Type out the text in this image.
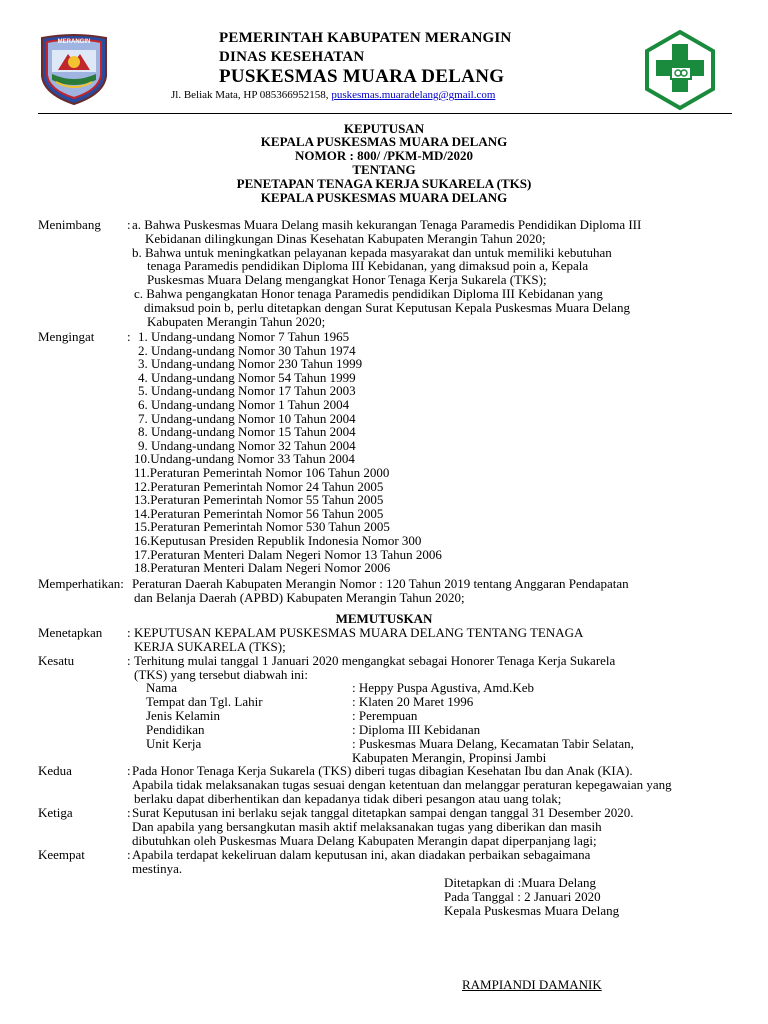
MERANGIN	PEMERINTAH KABUPATEN MERANGIN
DINAS KESEHATAN
PUSKESMAS MUARA DELANG
Jl. Beliak Mata, HP 085366952158, puskesmas.muaradelang@gmail.com
KEPUTUSAN
KEPALA PUSKESMAS MUARA DELANG
NOMOR : 800/ /PKM-MD/2020
TENTANG
PENETAPAN TENAGA KERJA SUKARELA (TKS)
KEPALA PUSKESMAS MUARA DELANG
Menimbang : a. Bahwa Puskesmas Muara Delang masih kekurangan Tenaga Paramedis Pendidikan Diploma III
Kebidanan dilingkungan Dinas Kesehatan Kabupaten Merangin Tahun 2020;
b. Bahwa untuk meningkatkan pelayanan kepada masyarakat dan untuk memiliki kebutuhan
tenaga Paramedis pendidikan Diploma III Kebidanan, yang dimaksud poin a, Kepala
Puskesmas Muara Delang mengangkat Honor Tenaga Kerja Sukarela (TKS);
c. Bahwa pengangkatan Honor tenaga Paramedis pendidikan Diploma III Kebidanan yang
dimaksud poin b, perlu ditetapkan dengan Surat Keputusan Kepala Puskesmas Muara Delang
Kabupaten Merangin Tahun 2020;
Mengingat	: 1. Undang-undang Nomor 7 Tahun 1965
2. Undang-undang Nomor 30 Tahun 1974
3. Undang-undang Nomor 230 Tahun 1999
4. Undang-undang Nomor 54 Tahun 1999
5. Undang-undang Nomor 17 Tahun 2003
6. Undang-undang Nomor 1 Tahun 2004
7. Undang-undang Nomor 10 Tahun 2004
8. Undang-undang Nomor 15 Tahun 2004
9. Undang-undang Nomor 32 Tahun 2004
10.Undang-undang Nomor 33 Tahun 2004
11.Peraturan Pemerintah Nomor 106 Tahun 2000
12.Peraturan Pemerintah Nomor 24 Tahun 2005
13.Peraturan Pemerintah Nomor 55 Tahun 2005
14.Peraturan Pemerintah Nomor 56 Tahun 2005
15.Peraturan Pemerintah Nomor 530 Tahun 2005
16.Keputusan Presiden Republik Indonesia Nomor 300
17.Peraturan Menteri Dalam Negeri Nomor 13 Tahun 2006
18.Peraturan Menteri Dalam Negeri Nomor 2006
Memperhatikan: Peraturan Daerah Kabupaten Merangin Nomor : 120 Tahun 2019 tentang Anggaran Pendapatan
dan Belanja Daerah (APBD) Kabupaten Merangin Tahun 2020;
MEMUTUSKAN
Menetapkan : KEPUTUSAN KEPALAM PUSKESMAS MUARA DELANG TENTANG TENAGA
KERJA SUKARELA (TKS);
Kesatu	: Terhitung mulai tanggal 1 Januari 2020 mengangkat sebagai Honorer Tenaga Kerja Sukarela
(TKS) yang tersebut diabwah ini:
Nama	: Heppy Puspa Agustiva, Amd.Keb
Tempat dan Tgl. Lahir	: Klaten 20 Maret 1996
Jenis Kelamin	: Perempuan
Pendidikan	: Diploma III Kebidanan
Unit Kerja	: Puskesmas Muara Delang, Kecamatan Tabir Selatan,
Kabupaten Merangin, Propinsi Jambi
Kedua	: Pada Honor Tenaga Kerja Sukarela (TKS) diberi tugas dibagian Kesehatan Ibu dan Anak (KIA).
Apabila tidak melaksanakan tugas sesuai dengan ketentuan dan melanggar peraturan kepegawaian yang
berlaku dapat diberhentikan dan kepadanya tidak diberi pesangon atau uang tolak;
Ketiga	: Surat Keputusan ini berlaku sejak tanggal ditetapkan sampai dengan tanggal 31 Desember 2020.
Dan apabila yang bersangkutan masih aktif melaksanakan tugas yang diberikan dan masih
dibutuhkan oleh Puskesmas Muara Delang Kabupaten Merangin dapat diperpanjang lagi;
Keempat	: Apabila terdapat kekeliruan dalam keputusan ini, akan diadakan perbaikan sebagaimana
mestinya.
Ditetapkan di :Muara Delang
Pada Tanggal : 2 Januari 2020
Kepala Puskesmas Muara Delang
RAMPIANDI DAMANIK
